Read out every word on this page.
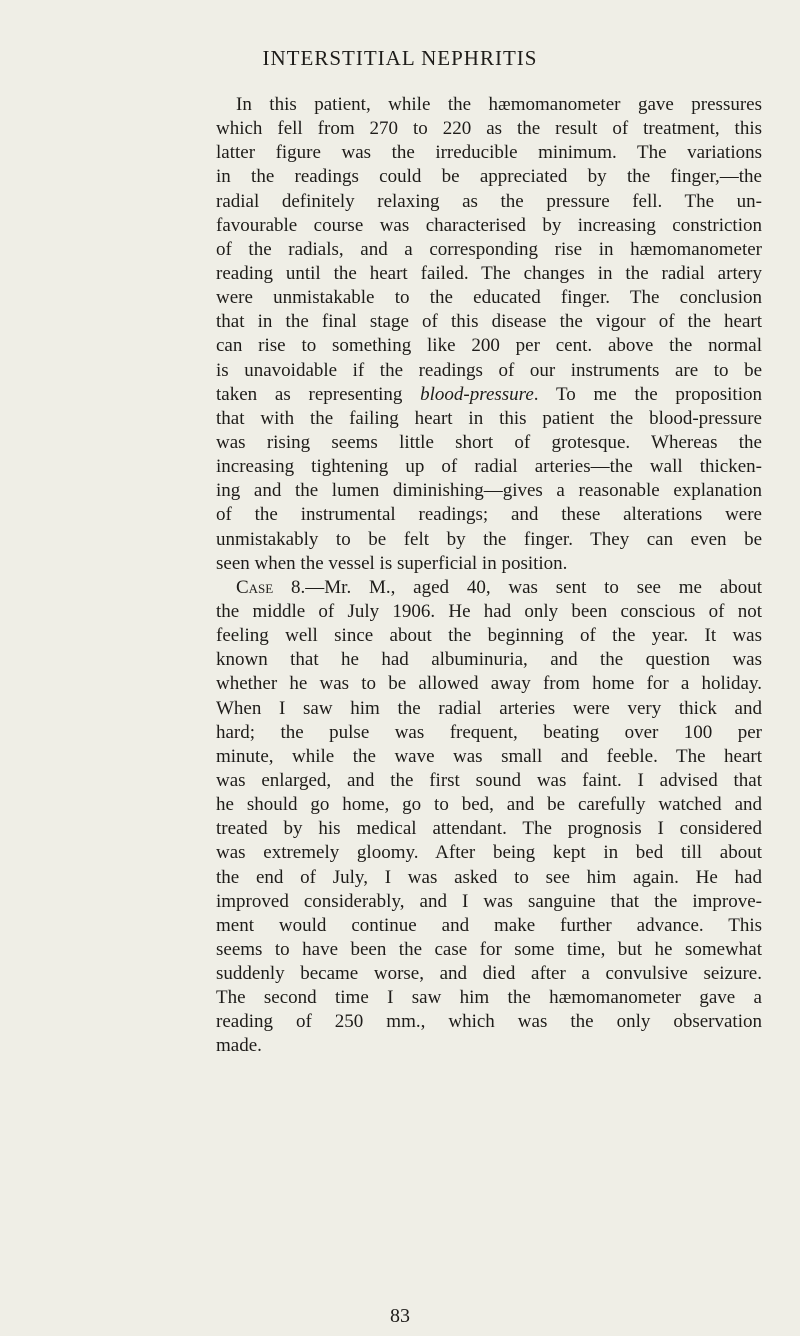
INTERSTITIAL NEPHRITIS
In this patient, while the hæmomanometer gave pressures
which fell from 270 to 220 as the result of treatment, this
latter figure was the irreducible minimum. The variations
in the readings could be appreciated by the finger,—the
radial definitely relaxing as the pressure fell. The un-
favourable course was characterised by increasing constriction
of the radials, and a corresponding rise in hæmomanometer
reading until the heart failed. The changes in the radial artery
were unmistakable to the educated finger. The conclusion
that in the final stage of this disease the vigour of the heart
can rise to something like 200 per cent. above the normal
is unavoidable if the readings of our instruments are to be
taken as representing blood-pressure. To me the proposition
that with the failing heart in this patient the blood-pressure
was rising seems little short of grotesque. Whereas the
increasing tightening up of radial arteries—the wall thicken-
ing and the lumen diminishing—gives a reasonable explanation
of the instrumental readings; and these alterations were
unmistakably to be felt by the finger. They can even be
seen when the vessel is superficial in position.
Case 8.—Mr. M., aged 40, was sent to see me about
the middle of July 1906. He had only been conscious of not
feeling well since about the beginning of the year. It was
known that he had albuminuria, and the question was
whether he was to be allowed away from home for a holiday.
When I saw him the radial arteries were very thick and
hard; the pulse was frequent, beating over 100 per
minute, while the wave was small and feeble. The heart
was enlarged, and the first sound was faint. I advised that
he should go home, go to bed, and be carefully watched and
treated by his medical attendant. The prognosis I considered
was extremely gloomy. After being kept in bed till about
the end of July, I was asked to see him again. He had
improved considerably, and I was sanguine that the improve-
ment would continue and make further advance. This
seems to have been the case for some time, but he somewhat
suddenly became worse, and died after a convulsive seizure.
The second time I saw him the hæmomanometer gave a
reading of 250 mm., which was the only observation
made.
83
